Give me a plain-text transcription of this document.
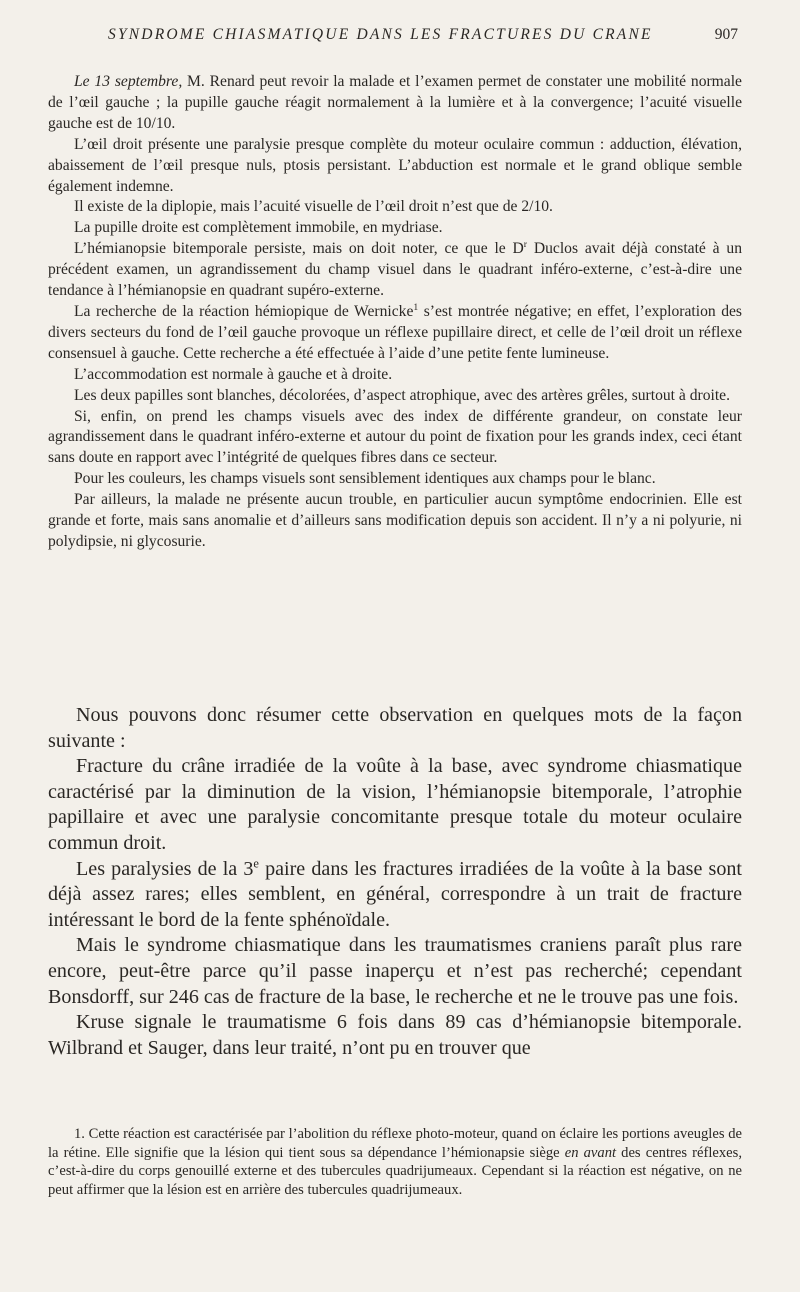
SYNDROME CHIASMATIQUE DANS LES FRACTURES DU CRANE	907

Le 13 septembre, M. Renard peut revoir la malade et l’examen permet de constater une mobilité normale de l’œil gauche ; la pupille gauche réagit normalement à la lumière et à la convergence; l’acuité visuelle gauche est de 10/10.

L’œil droit présente une paralysie presque complète du moteur oculaire commun : adduction, élévation, abaissement de l’œil presque nuls, ptosis persistant. L’abduction est normale et le grand oblique semble également indemne.

Il existe de la diplopie, mais l’acuité visuelle de l’œil droit n’est que de 2/10.

La pupille droite est complètement immobile, en mydriase.

L’hémianopsie bitemporale persiste, mais on doit noter, ce que le $D^r$ Duclos avait déjà constaté à un précédent examen, un agrandissement du champ visuel dans le quadrant inféro-externe, c’est-à-dire une tendance à l’hémianopsie en quadrant supéro-externe.

La recherche de la réaction hémiopique de Wernicke$^1$ s’est montrée négative; en effet, l’exploration des divers secteurs du fond de l’œil gauche provoque un réflexe pupillaire direct, et celle de l’œil droit un réflexe consensuel à gauche. Cette recherche a été effectuée à l’aide d’une petite fente lumineuse.

L’accommodation est normale à gauche et à droite.

Les deux papilles sont blanches, décolorées, d’aspect atrophique, avec des artères grêles, surtout à droite.

Si, enfin, on prend les champs visuels avec des index de différente grandeur, on constate leur agrandissement dans le quadrant inféro-externe et autour du point de fixation pour les grands index, ceci étant sans doute en rapport avec l’intégrité de quelques fibres dans ce secteur.

Pour les couleurs, les champs visuels sont sensiblement identiques aux champs pour le blanc.

Par ailleurs, la malade ne présente aucun trouble, en particulier aucun symptôme endocrinien. Elle est grande et forte, mais sans anomalie et d’ailleurs sans modification depuis son accident. Il n’y a ni polyurie, ni polydipsie, ni glycosurie.

Nous pouvons donc résumer cette observation en quelques mots de la façon suivante :

Fracture du crâne irradiée de la voûte à la base, avec syndrome chiasmatique caractérisé par la diminution de la vision, l’hémianopsie bitemporale, l’atrophie papillaire et avec une paralysie concomitante presque totale du moteur oculaire commun droit.

Les paralysies de la 3e paire dans les fractures irradiées de la voûte à la base sont déjà assez rares; elles semblent, en général, correspondre à un trait de fracture intéressant le bord de la fente sphénoïdale.

Mais le syndrome chiasmatique dans les traumatismes craniens paraît plus rare encore, peut-être parce qu’il passe inaperçu et n’est pas recherché; cependant Bonsdorff, sur 246 cas de fracture de la base, le recherche et ne le trouve pas une fois.

Kruse signale le traumatisme 6 fois dans 89 cas d’hémianopsie bitemporale. Wilbrand et Sauger, dans leur traité, n’ont pu en trouver que

1. Cette réaction est caractérisée par l’abolition du réflexe photo-moteur, quand on éclaire les portions aveugles de la rétine. Elle signifie que la lésion qui tient sous sa dépendance l’hémionapsie siège en avant des centres réflexes, c’est-à-dire du corps genouillé externe et des tubercules quadrijumeaux. Cependant si la réaction est négative, on ne peut affirmer que la lésion est en arrière des tubercules quadrijumeaux.
